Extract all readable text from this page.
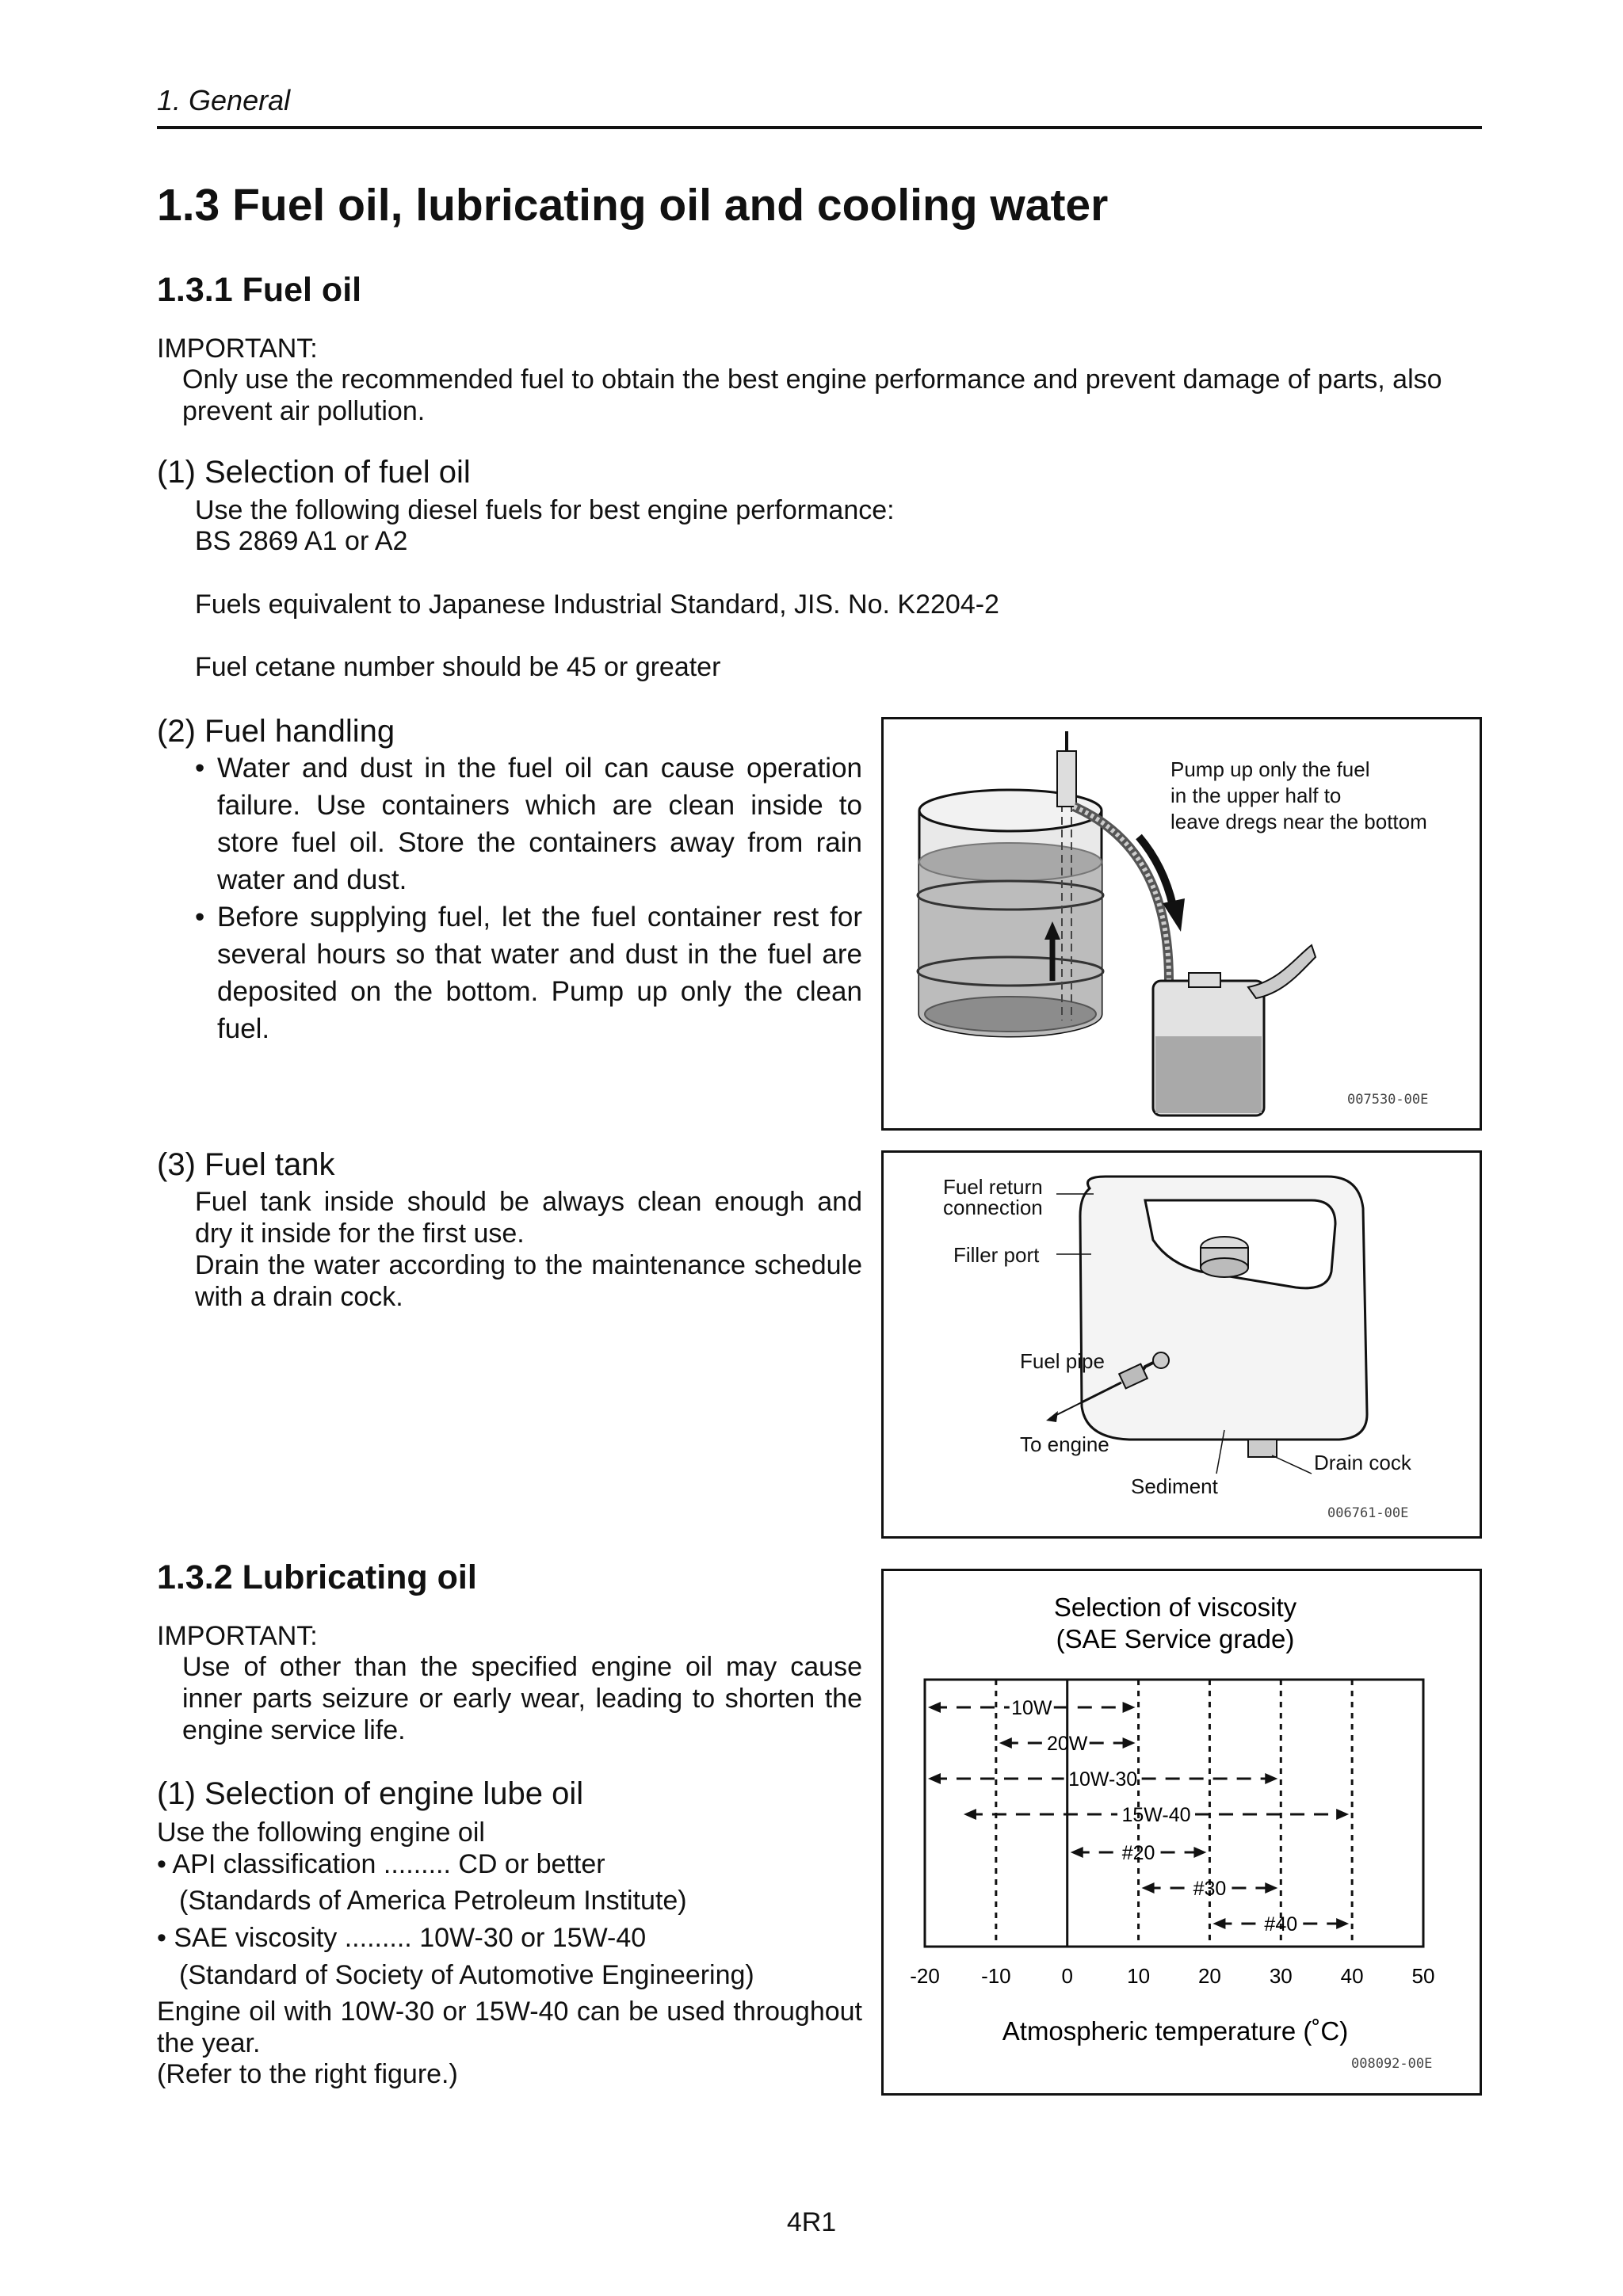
1. General
1.3 Fuel oil, lubricating oil and cooling water
1.3.1 Fuel oil
IMPORTANT:
Only use the recommended fuel to obtain the best engine performance and prevent damage of parts, also prevent air pollution.
(1) Selection of fuel oil
Use the following diesel fuels for best engine performance:
BS 2869 A1 or A2
Fuels equivalent to Japanese Industrial Standard, JIS. No. K2204-2
Fuel cetane number should be 45 or greater
(2) Fuel handling
• Water and dust in the fuel oil can cause operation failure. Use containers which are clean inside to store fuel oil. Store the containers away from rain water and dust.
• Before supplying fuel, let the fuel container rest for several hours so that water and dust in the fuel are deposited on the bottom. Pump up only the clean fuel.
Pump up only the fuel
in the upper half to
leave dregs near the bottom
007530-00E
(3) Fuel tank
Fuel tank inside should be always clean enough and dry it inside for the first use.
Drain the water according to the maintenance schedule with a drain cock.
Fuel return
connection
Filler port
Fuel pipe
To engine
Sediment
Drain cock
006761-00E
1.3.2 Lubricating oil
IMPORTANT:
Use of other than the specified engine oil may cause inner parts seizure or early wear, leading to shorten the engine service life.
(1) Selection of engine lube oil
Use the following engine oil
• API classification ......... CD or better
(Standards of America Petroleum Institute)
• SAE viscosity ......... 10W-30 or 15W-40
(Standard of Society of Automotive Engineering)
Engine oil with 10W-30 or 15W-40 can be used throughout the year.
(Refer to the right figure.)
Selection of viscosity
(SAE Service grade)
10W
20W
10W-30
15W-40
#20
#30
#40
-20 -10 0	10 20 30 40 50
Atmospheric temperature (˚C)
008092-00E
4R1
